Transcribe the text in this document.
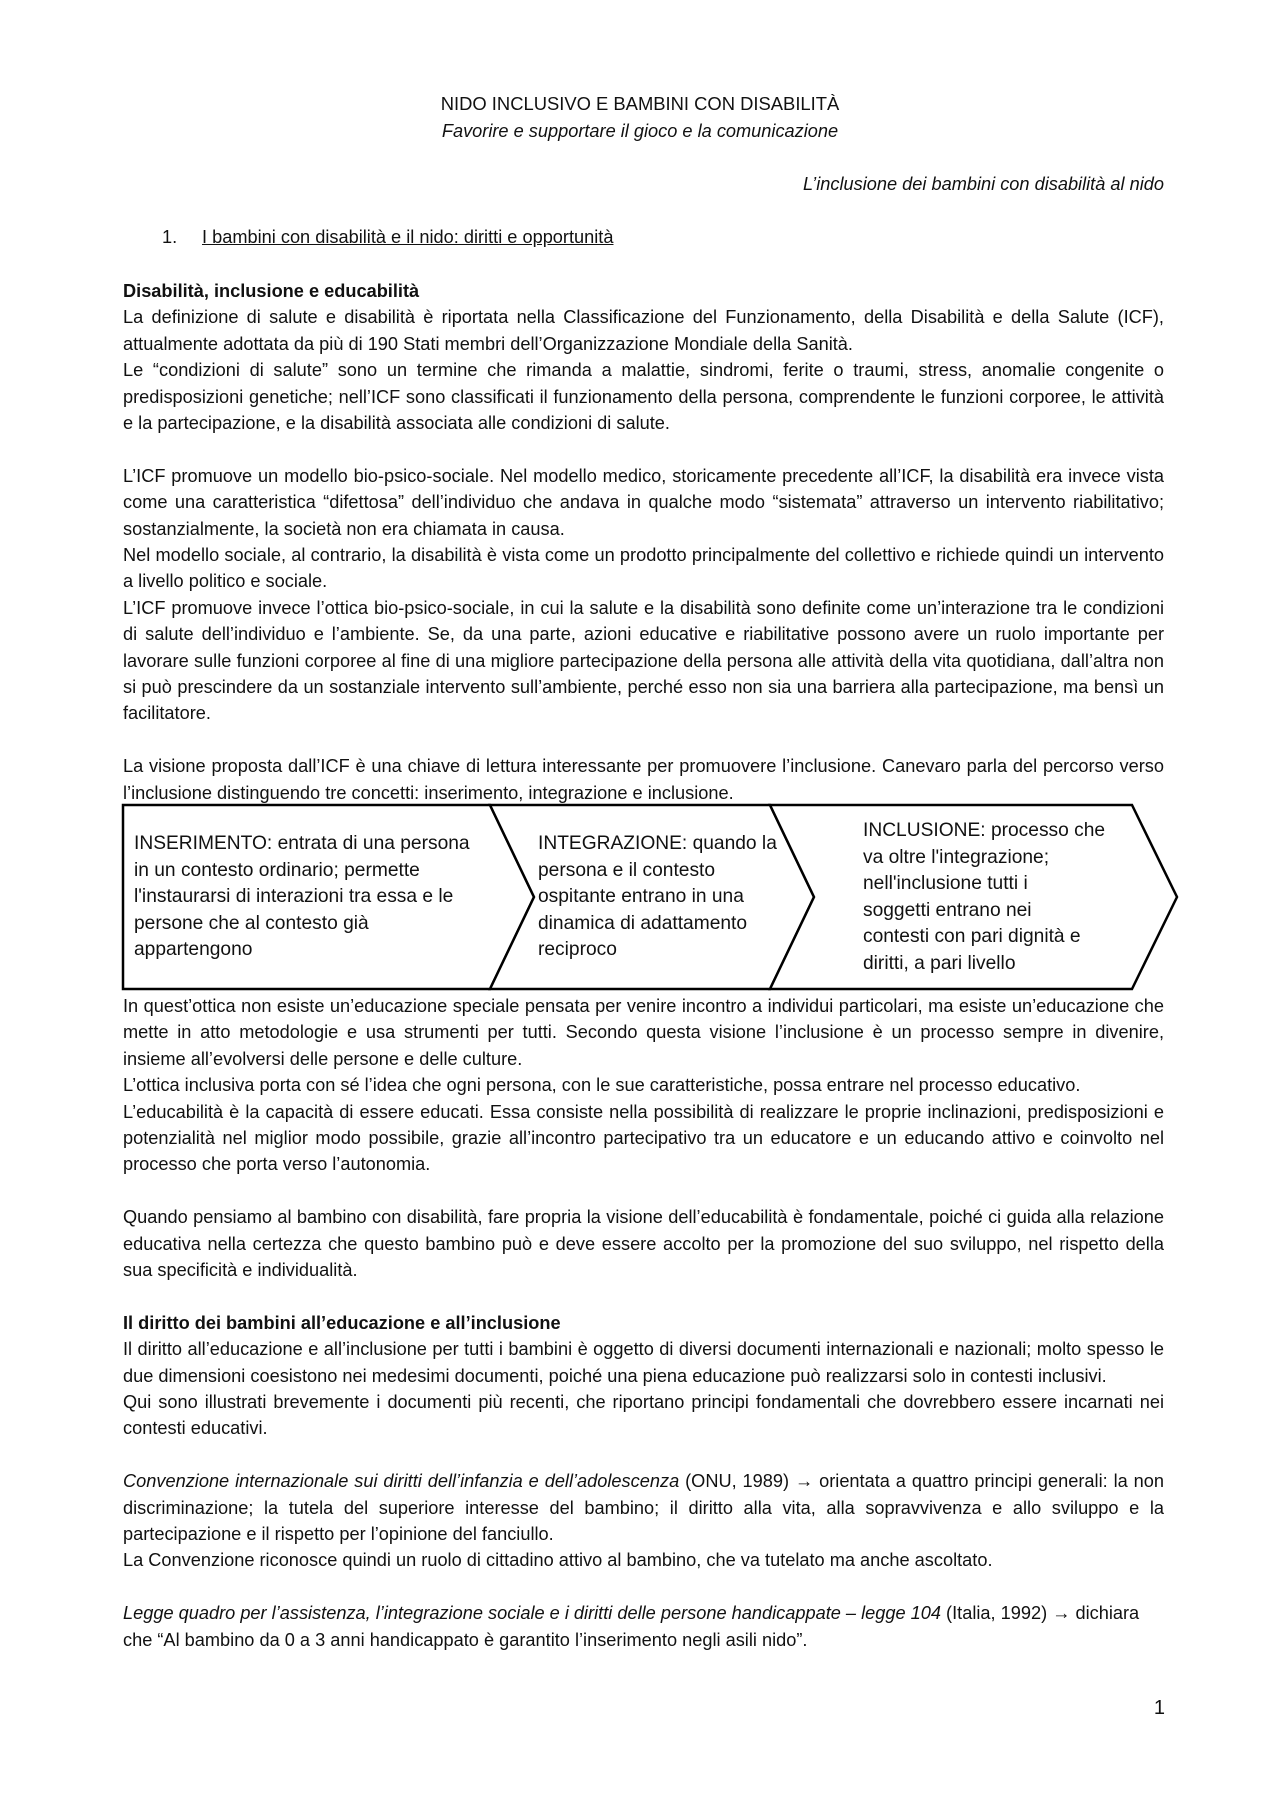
NIDO INCLUSIVO E BAMBINI CON DISABILITÀ
Favorire e supportare il gioco e la comunicazione
L’inclusione dei bambini con disabilità al nido
1. I bambini con disabilità e il nido: diritti e opportunità

Disabilità, inclusione e educabilità

La definizione di salute e disabilità è riportata nella Classificazione del Funzionamento, della Disabilità e della Salute (ICF), attualmente adottata da più di 190 Stati membri dell’Organizzazione Mondiale della Sanità.

Le “condizioni di salute” sono un termine che rimanda a malattie, sindromi, ferite o traumi, stress, anomalie congenite o predisposizioni genetiche; nell’ICF sono classificati il funzionamento della persona, comprendente le funzioni corporee, le attività e la partecipazione, e la disabilità associata alle condizioni di salute.

L’ICF promuove un modello bio-psico-sociale. Nel modello medico, storicamente precedente all’ICF, la disabilità era invece vista come una caratteristica “difettosa” dell’individuo che andava in qualche modo “sistemata” attraverso un intervento riabilitativo; sostanzialmente, la società non era chiamata in causa.

Nel modello sociale, al contrario, la disabilità è vista come un prodotto principalmente del collettivo e richiede quindi un intervento a livello politico e sociale.

L’ICF promuove invece l’ottica bio-psico-sociale, in cui la salute e la disabilità sono definite come un’interazione tra le condizioni di salute dell’individuo e l’ambiente. Se, da una parte, azioni educative e riabilitative possono avere un ruolo importante per lavorare sulle funzioni corporee al fine di una migliore partecipazione della persona alle attività della vita quotidiana, dall’altra non si può prescindere da un sostanziale intervento sull’ambiente, perché esso non sia una barriera alla partecipazione, ma bensì un facilitatore.

La visione proposta dall’ICF è una chiave di lettura interessante per promuovere l’inclusione. Canevaro parla del percorso verso l’inclusione distinguendo tre concetti: inserimento, integrazione e inclusione.

INSERIMENTO: entrata di una persona
in un contesto ordinario; permette
l'instaurarsi di interazioni tra essa e le
persone che al contesto già
appartengono
INTEGRAZIONE: quando la
persona e il contesto
ospitante entrano in una
dinamica di adattamento
reciproco
INCLUSIONE: processo che
va oltre l'integrazione;
nell'inclusione tutti i
soggetti entrano nei
contesti con pari dignità e
diritti, a pari livello

In quest’ottica non esiste un’educazione speciale pensata per venire incontro a individui particolari, ma esiste un’educazione che mette in atto metodologie e usa strumenti per tutti. Secondo questa visione l’inclusione è un processo sempre in divenire, insieme all’evolversi delle persone e delle culture.

L’ottica inclusiva porta con sé l’idea che ogni persona, con le sue caratteristiche, possa entrare nel processo educativo.

L’educabilità è la capacità di essere educati. Essa consiste nella possibilità di realizzare le proprie inclinazioni, predisposizioni e potenzialità nel miglior modo possibile, grazie all’incontro partecipativo tra un educatore e un educando attivo e coinvolto nel processo che porta verso l’autonomia.

Quando pensiamo al bambino con disabilità, fare propria la visione dell’educabilità è fondamentale, poiché ci guida alla relazione educativa nella certezza che questo bambino può e deve essere accolto per la promozione del suo sviluppo, nel rispetto della sua specificità e individualità.

Il diritto dei bambini all’educazione e all’inclusione

Il diritto all’educazione e all’inclusione per tutti i bambini è oggetto di diversi documenti internazionali e nazionali; molto spesso le due dimensioni coesistono nei medesimi documenti, poiché una piena educazione può realizzarsi solo in contesti inclusivi.

Qui sono illustrati brevemente i documenti più recenti, che riportano principi fondamentali che dovrebbero essere incarnati nei contesti educativi.

Convenzione internazionale sui diritti dell’infanzia e dell’adolescenza (ONU, 1989) → orientata a quattro principi generali: la non discriminazione; la tutela del superiore interesse del bambino; il diritto alla vita, alla sopravvivenza e allo sviluppo e la partecipazione e il rispetto per l’opinione del fanciullo.

La Convenzione riconosce quindi un ruolo di cittadino attivo al bambino, che va tutelato ma anche ascoltato.

Legge quadro per l’assistenza, l’integrazione sociale e i diritti delle persone handicappate – legge 104 (Italia, 1992) → dichiara che “Al bambino da 0 a 3 anni handicappato è garantito l’inserimento negli asili nido”.

1
